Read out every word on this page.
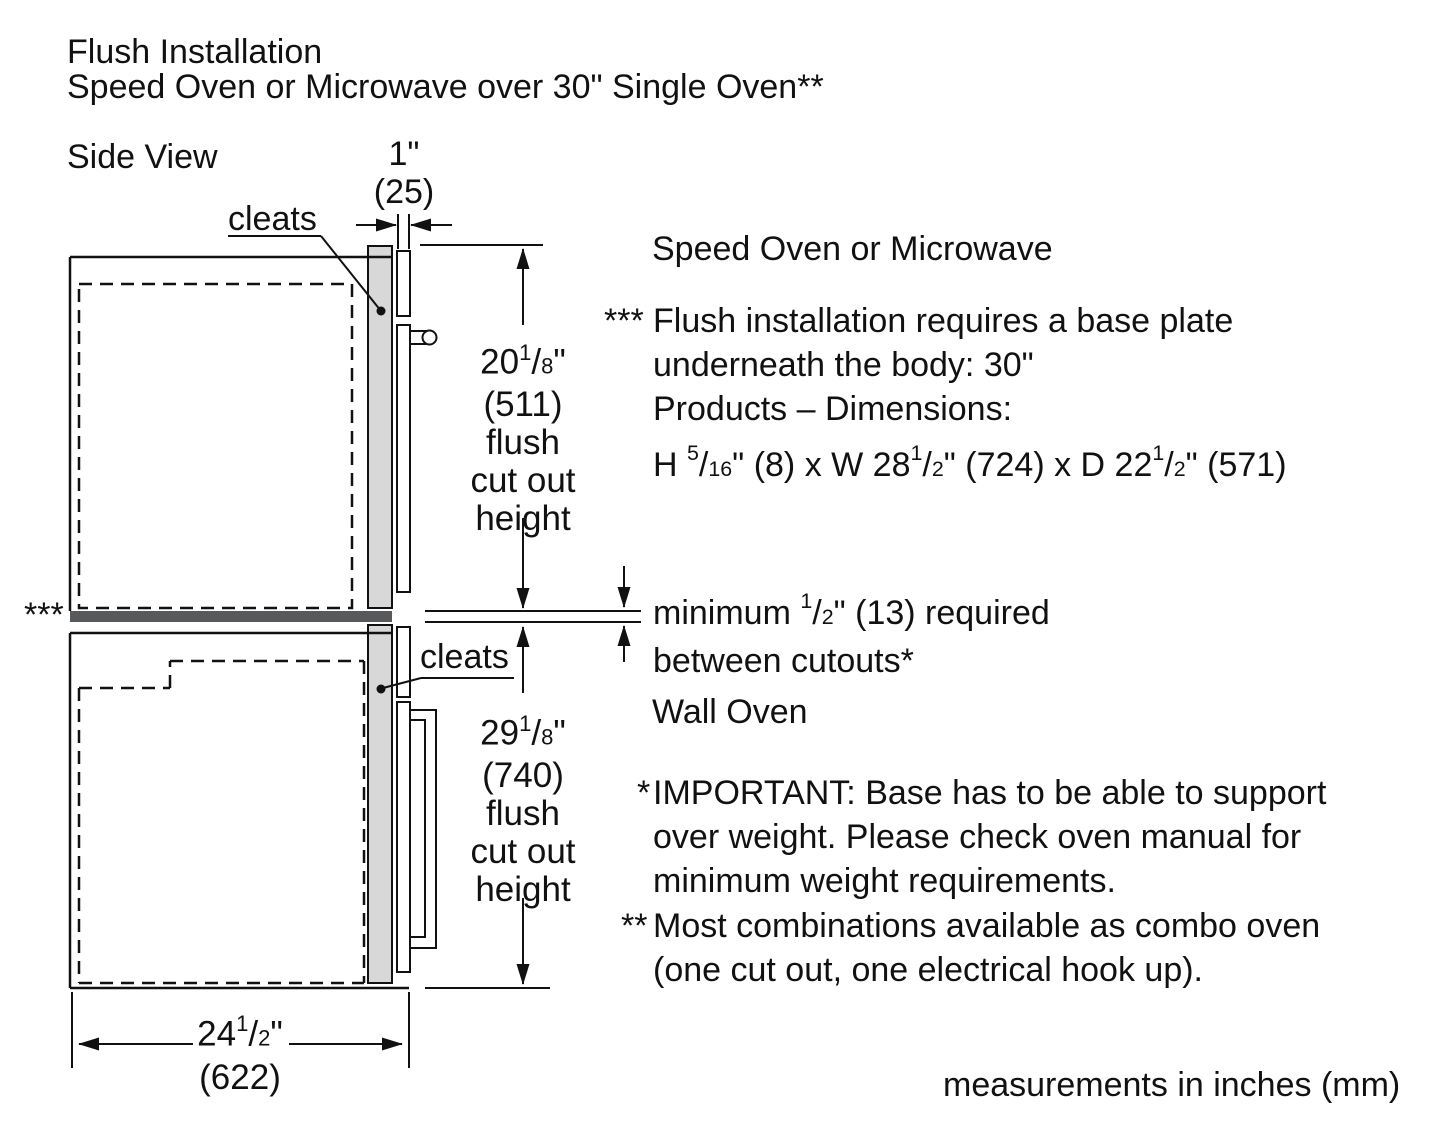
Flush Installation
Speed Oven or Microwave over 30" Single Oven**
Side View	1"
(25)
cleats
cleats
***
$20^1/8$"
(511)
flush
cut out
height
$29^1/8$"
(740)
flush
cut out
height
$24^1/2$"
(622)
Speed Oven or Microwave
*** Flush installation requires a base plate
underneath the body: 30"
Products – Dimensions:
H $^5$/16" (8) x W $28^1/2$" (724) x D $22^1/2$" (571)
minimum $^1$/2" (13) required
between cutouts*
Wall Oven
*IMPORTANT: Base has to be able to support
over weight. Please check oven manual for
minimum weight requirements.
** Most combinations available as combo oven
(one cut out, one electrical hook up).
measurements in inches (mm)
